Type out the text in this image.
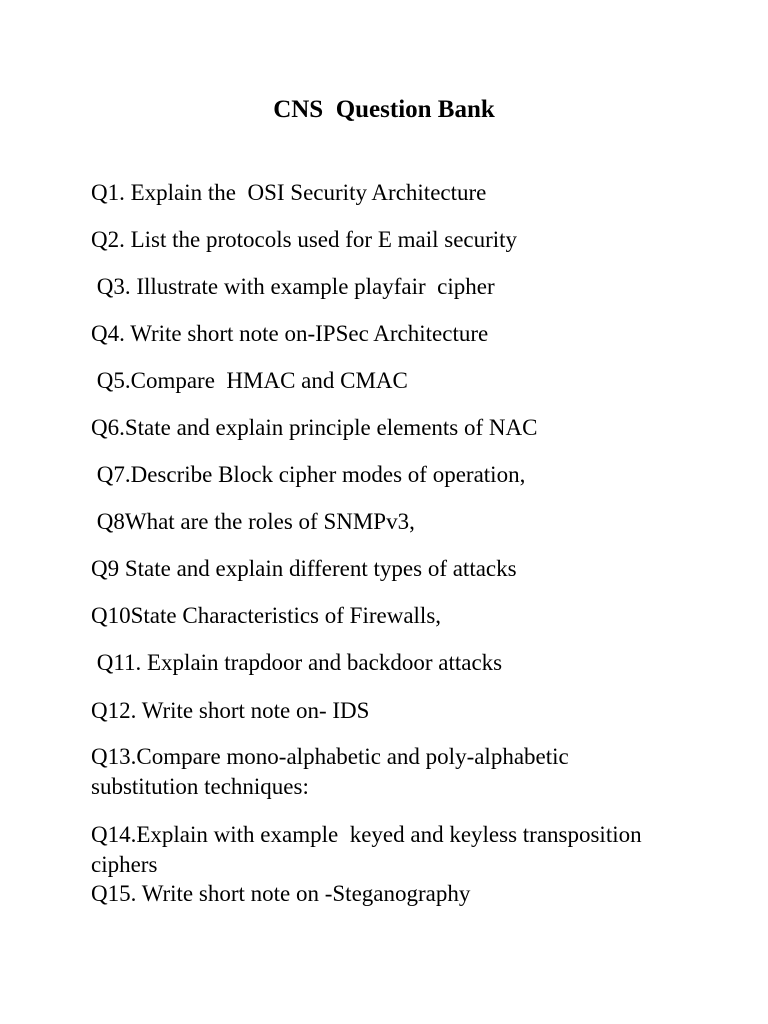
CNS  Question Bank

Q1. Explain the  OSI Security Architecture

Q2. List the protocols used for E mail security

Q3. Illustrate with example playfair  cipher

Q4. Write short note on-IPSec Architecture

Q5.Compare  HMAC and CMAC

Q6.State and explain principle elements of NAC

Q7.Describe Block cipher modes of operation,

Q8What are the roles of SNMPv3,

Q9 State and explain different types of attacks

Q10State Characteristics of Firewalls,

Q11. Explain trapdoor and backdoor attacks

Q12. Write short note on- IDS

Q13.Compare mono-alphabetic and poly-alphabetic substitution techniques:

Q14.Explain with example  keyed and keyless transposition ciphers

Q15. Write short note on -Steganography
